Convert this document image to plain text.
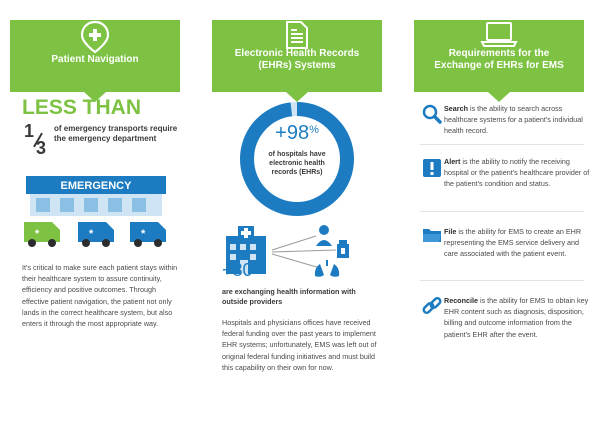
Patient Navigation
LESS THAN
1
3
of emergency transports require the emergency department
EMERGENCY
*	*	*
It's critical to make sure each patient stays within their healthcare system to assure continuity, efficiency and positive outcomes. Through effective patient navigation, the patient not only lands in the correct healthcare system, but also enters it through the most appropriate way.
Electronic Health Records
(EHRs) Systems
+98%
of hospitals have electronic health records (EHRs)
+80%
are exchanging health information with outside providers
Hospitals and physicians offices have received federal funding over the past years to implement EHR systems; unfortunately, EMS was left out of original federal funding initiatives and must build this capability on their own for now.
Requirements for the
Exchange of EHRs for EMS
Search is the ability to search across healthcare systems for a patient's individual health record.
Alert is the ability to notify the receiving hospital or the patient's healthcare provider of the patient's condition and status.
File is the ability for EMS to create an EHR representing the EMS service delivery and care associated with the patient event.
Reconcile is the ability for EMS to obtain key EHR content such as diagnosis, disposition, billing and outcome information from the patient's EHR after the event.
